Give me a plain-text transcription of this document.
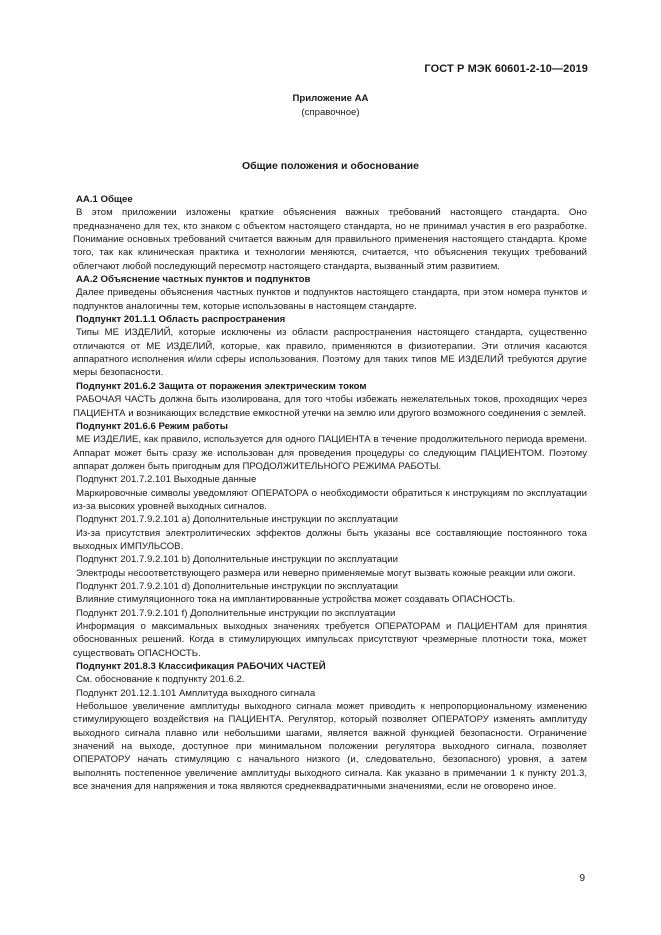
ГОСТ Р МЭК 60601-2-10—2019
Приложение АА
(справочное)
Общие положения и обоснование

АА.1 Общее

В этом приложении изложены краткие объяснения важных требований настоящего стандарта. Оно предназначено для тех, кто знаком с объектом настоящего стандарта, но не принимал участия в его разработке. Понимание основных требований считается важным для правильного применения настоящего стандарта. Кроме того, так как клиническая практика и технологии меняются, считается, что объяснения текущих требований облегчают любой последующий пересмотр настоящего стандарта, вызванный этим развитием.

АА.2 Объяснение частных пунктов и подпунктов

Далее приведены объяснения частных пунктов и подпунктов настоящего стандарта, при этом номера пунктов и подпунктов аналогичны тем, которые использованы в настоящем стандарте.

Подпункт 201.1.1 Область распространения

Типы МЕ ИЗДЕЛИЙ, которые исключены из области распространения настоящего стандарта, существенно отличаются от МЕ ИЗДЕЛИЙ, которые, как правило, применяются в физиотерапии. Эти отличия касаются аппаратного исполнения и/или сферы использования. Поэтому для таких типов МЕ ИЗДЕЛИЙ требуются другие меры безопасности.

Подпункт 201.6.2 Защита от поражения электрическим током

РАБОЧАЯ ЧАСТЬ должна быть изолирована, для того чтобы избежать нежелательных токов, проходящих через ПАЦИЕНТА и возникающих вследствие емкостной утечки на землю или другого возможного соединения с землей.

Подпункт 201.6.6 Режим работы

МЕ ИЗДЕЛИЕ, как правило, используется для одного ПАЦИЕНТА в течение продолжительного периода времени. Аппарат может быть сразу же использован для проведения процедуры со следующим ПАЦИЕНТОМ. Поэтому аппарат должен быть пригодным для ПРОДОЛЖИТЕЛЬНОГО РЕЖИМА РАБОТЫ.

Подпункт 201.7.2.101 Выходные данные

Маркировочные символы уведомляют ОПЕРАТОРА о необходимости обратиться к инструкциям по эксплуатации из-за высоких уровней выходных сигналов.

Подпункт 201.7.9.2.101 а) Дополнительные инструкции по эксплуатации

Из-за присутствия электролитических эффектов должны быть указаны все составляющие постоянного тока выходных ИМПУЛЬСОВ.

Подпункт 201.7.9.2.101 b) Дополнительные инструкции по эксплуатации

Электроды несоответствующего размера или неверно применяемые могут вызвать кожные реакции или ожоги.

Подпункт 201.7.9.2.101 d) Дополнительные инструкции по эксплуатации

Влияние стимуляционного тока на имплантированные устройства может создавать ОПАСНОСТЬ.

Подпункт 201.7.9.2.101 f) Дополнительные инструкции по эксплуатации

Информация о максимальных выходных значениях требуется ОПЕРАТОРАМ и ПАЦИЕНТАМ для принятия обоснованных решений. Когда в стимулирующих импульсах присутствуют чрезмерные плотности тока, может существовать ОПАСНОСТЬ.

Подпункт 201.8.3 Классификация РАБОЧИХ ЧАСТЕЙ

См. обоснование к подпункту 201.6.2.

Подпункт 201.12.1.101 Амплитуда выходного сигнала

Небольшое увеличение амплитуды выходного сигнала может приводить к непропорциональному изменению стимулирующего воздействия на ПАЦИЕНТА. Регулятор, который позволяет ОПЕРАТОРУ изменять амплитуду выходного сигнала плавно или небольшими шагами, является важной функцией безопасности. Ограничение значений на выходе, доступное при минимальном положении регулятора выходного сигнала, позволяет ОПЕРАТОРУ начать стимуляцию с начального низкого (и, следовательно, безопасного) уровня, а затем выполнять постепенное увеличение амплитуды выходного сигнала. Как указано в примечании 1 к пункту 201.3, все значения для напряжения и тока являются среднеквадратичными значениями, если не оговорено иное.

9
